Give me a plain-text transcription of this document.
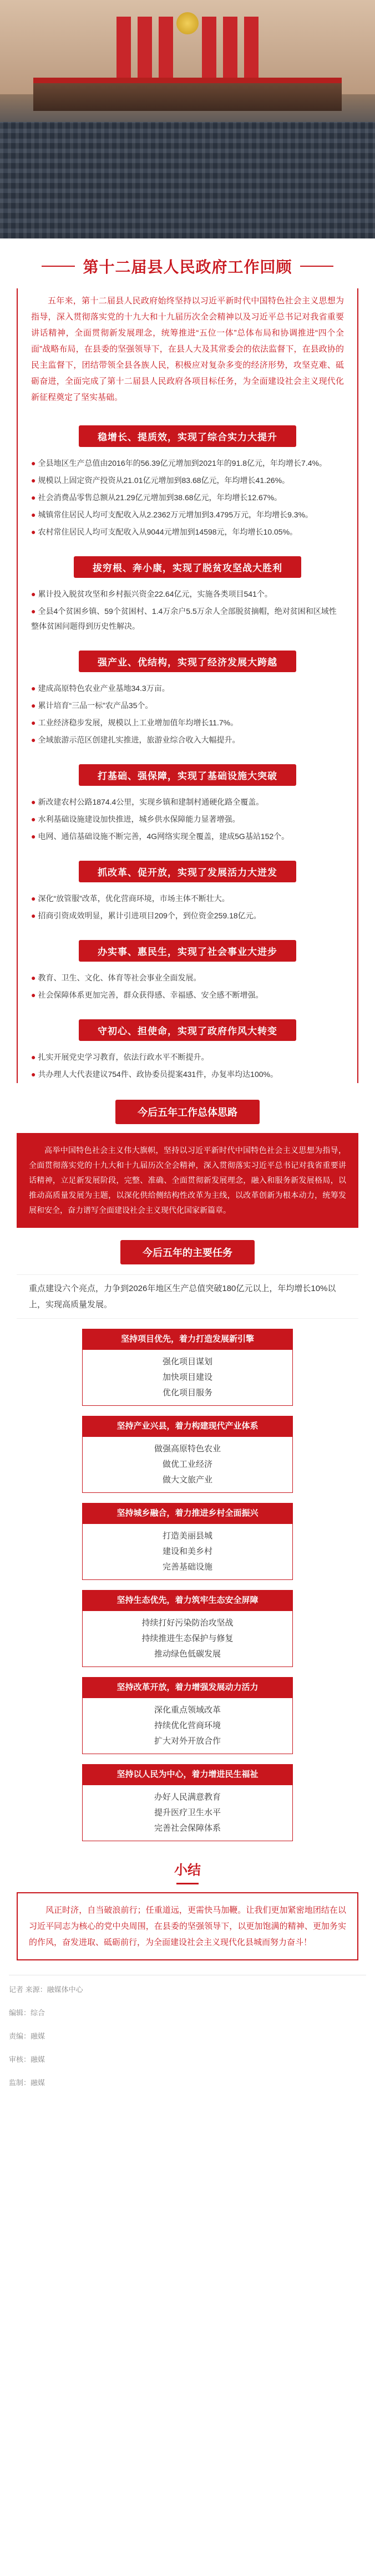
第十二届县人民政府工作回顾

五年来，第十二届县人民政府始终坚持以习近平新时代中国特色社会主义思想为指导，深入贯彻落实党的十九大和十九届历次全会精神以及习近平总书记对我省重要讲话精神，全面贯彻新发展理念，统筹推进“五位一体”总体布局和协调推进“四个全面”战略布局，在县委的坚强领导下，在县人大及其常委会的依法监督下，在县政协的民主监督下，团结带领全县各族人民，积极应对复杂多变的经济形势，攻坚克难、砥砺奋进，全面完成了第十二届县人民政府各项目标任务，为全面建设社会主义现代化新征程奠定了坚实基础。

稳增长、提质效，实现了综合实力大提升

● 全县地区生产总值由2016年的56.39亿元增加到2021年的91.8亿元，年均增长7.4%。

● 规模以上固定资产投资从21.01亿元增加到83.68亿元，年均增长41.26%。

● 社会消费品零售总额从21.29亿元增加到38.68亿元，年均增长12.67%。

● 城镇常住居民人均可支配收入从2.2362万元增加到3.4795万元，年均增长9.3%。

● 农村常住居民人均可支配收入从9044元增加到14598元，年均增长10.05%。

拔穷根、奔小康，实现了脱贫攻坚战大胜利

● 累计投入脱贫攻坚和乡村振兴资金22.64亿元，实施各类项目541个。

● 全县4个贫困乡镇、59个贫困村、1.4万余户5.5万余人全部脱贫摘帽，绝对贫困和区域性整体贫困问题得到历史性解决。

强产业、优结构，实现了经济发展大跨越

● 建成高原特色农业产业基地34.3万亩。

● 累计培育“三品一标”农产品35个。

● 工业经济稳步发展，规模以上工业增加值年均增长11.7%。

● 全域旅游示范区创建扎实推进，旅游业综合收入大幅提升。

打基础、强保障，实现了基础设施大突破

● 新改建农村公路1874.4公里，实现乡镇和建制村通硬化路全覆盖。

● 水利基础设施建设加快推进，城乡供水保障能力显著增强。

● 电网、通信基础设施不断完善，4G网络实现全覆盖，建成5G基站152个。

抓改革、促开放，实现了发展活力大迸发

● 深化“放管服”改革，优化营商环境，市场主体不断壮大。

● 招商引资成效明显，累计引进项目209个，到位资金259.18亿元。

办实事、惠民生，实现了社会事业大进步

● 教育、卫生、文化、体育等社会事业全面发展。

● 社会保障体系更加完善，群众获得感、幸福感、安全感不断增强。

守初心、担使命，实现了政府作风大转变

● 扎实开展党史学习教育，依法行政水平不断提升。

● 共办理人大代表建议754件、政协委员提案431件，办复率均达100%。

今后五年工作总体思路

高举中国特色社会主义伟大旗帜，坚持以习近平新时代中国特色社会主义思想为指导，全面贯彻落实党的十九大和十九届历次全会精神，深入贯彻落实习近平总书记对我省重要讲话精神，立足新发展阶段，完整、准确、全面贯彻新发展理念，融入和服务新发展格局，以推动高质量发展为主题，以深化供给侧结构性改革为主线，以改革创新为根本动力，统筹发展和安全，奋力谱写全面建设社会主义现代化国家新篇章。

今后五年的主要任务
重点建设六个亮点，力争到2026年地区生产总值突破180亿元以上，年均增长10%以上，实现高质量发展。
坚持项目优先，着力打造发展新引擎
强化项目谋划
加快项目建设
优化项目服务
坚持产业兴县，着力构建现代产业体系
做强高原特色农业
做优工业经济
做大文旅产业
坚持城乡融合，着力推进乡村全面振兴
打造美丽县城
建设和美乡村
完善基础设施
坚持生态优先，着力筑牢生态安全屏障
持续打好污染防治攻坚战
持续推进生态保护与修复
推动绿色低碳发展
坚持改革开放，着力增强发展动力活力
深化重点领域改革
持续优化营商环境
扩大对外开放合作
坚持以人民为中心，着力增进民生福祉
办好人民满意教育
提升医疗卫生水平
完善社会保障体系
小结

风正时济，自当破浪前行；任重道远，更需快马加鞭。让我们更加紧密地团结在以习近平同志为核心的党中央周围，在县委的坚强领导下，以更加饱满的精神、更加务实的作风，奋发进取、砥砺前行，为全面建设社会主义现代化县城而努力奋斗！

记者 来源：融媒体中心
编辑：综合
责编：融媒
审核：融媒
监制：融媒
